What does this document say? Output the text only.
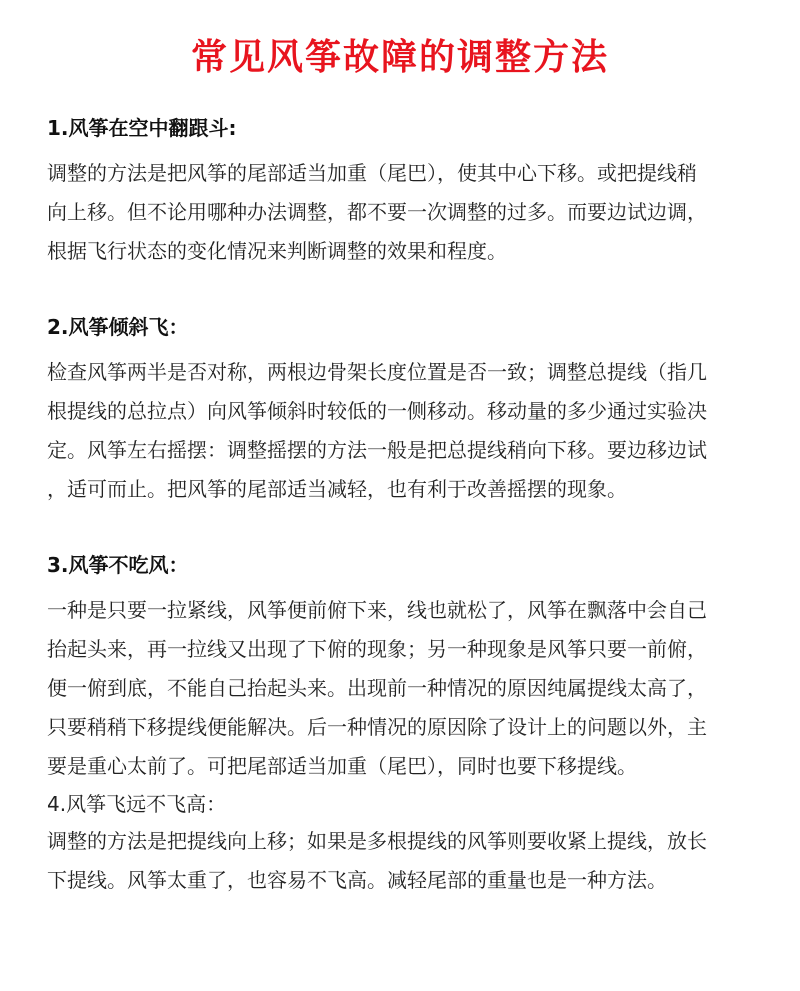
常见风筝故障的调整方法
1.风筝在空中翻跟斗:

调整的方法是把风筝的尾部适当加重（尾巴），使其中心下移。或把提线稍
向上移。但不论用哪种办法调整，都不要一次调整的过多。而要边试边调，
根据飞行状态的变化情况来判断调整的效果和程度。

2.风筝倾斜飞：

检查风筝两半是否对称，两根边骨架长度位置是否一致；调整总提线（指几
根提线的总拉点）向风筝倾斜时较低的一侧移动。移动量的多少通过实验决
定。风筝左右摇摆：调整摇摆的方法一般是把总提线稍向下移。要边移边试
，适可而止。把风筝的尾部适当减轻，也有利于改善摇摆的现象。

3.风筝不吃风：

一种是只要一拉紧线，风筝便前俯下来，线也就松了，风筝在飘落中会自己
抬起头来，再一拉线又出现了下俯的现象；另一种现象是风筝只要一前俯，
便一俯到底，不能自己抬起头来。出现前一种情况的原因纯属提线太高了，
只要稍稍下移提线便能解决。后一种情况的原因除了设计上的问题以外，主
要是重心太前了。可把尾部适当加重（尾巴），同时也要下移提线。

4.风筝飞远不飞高：

调整的方法是把提线向上移；如果是多根提线的风筝则要收紧上提线，放长
下提线。风筝太重了，也容易不飞高。减轻尾部的重量也是一种方法。
